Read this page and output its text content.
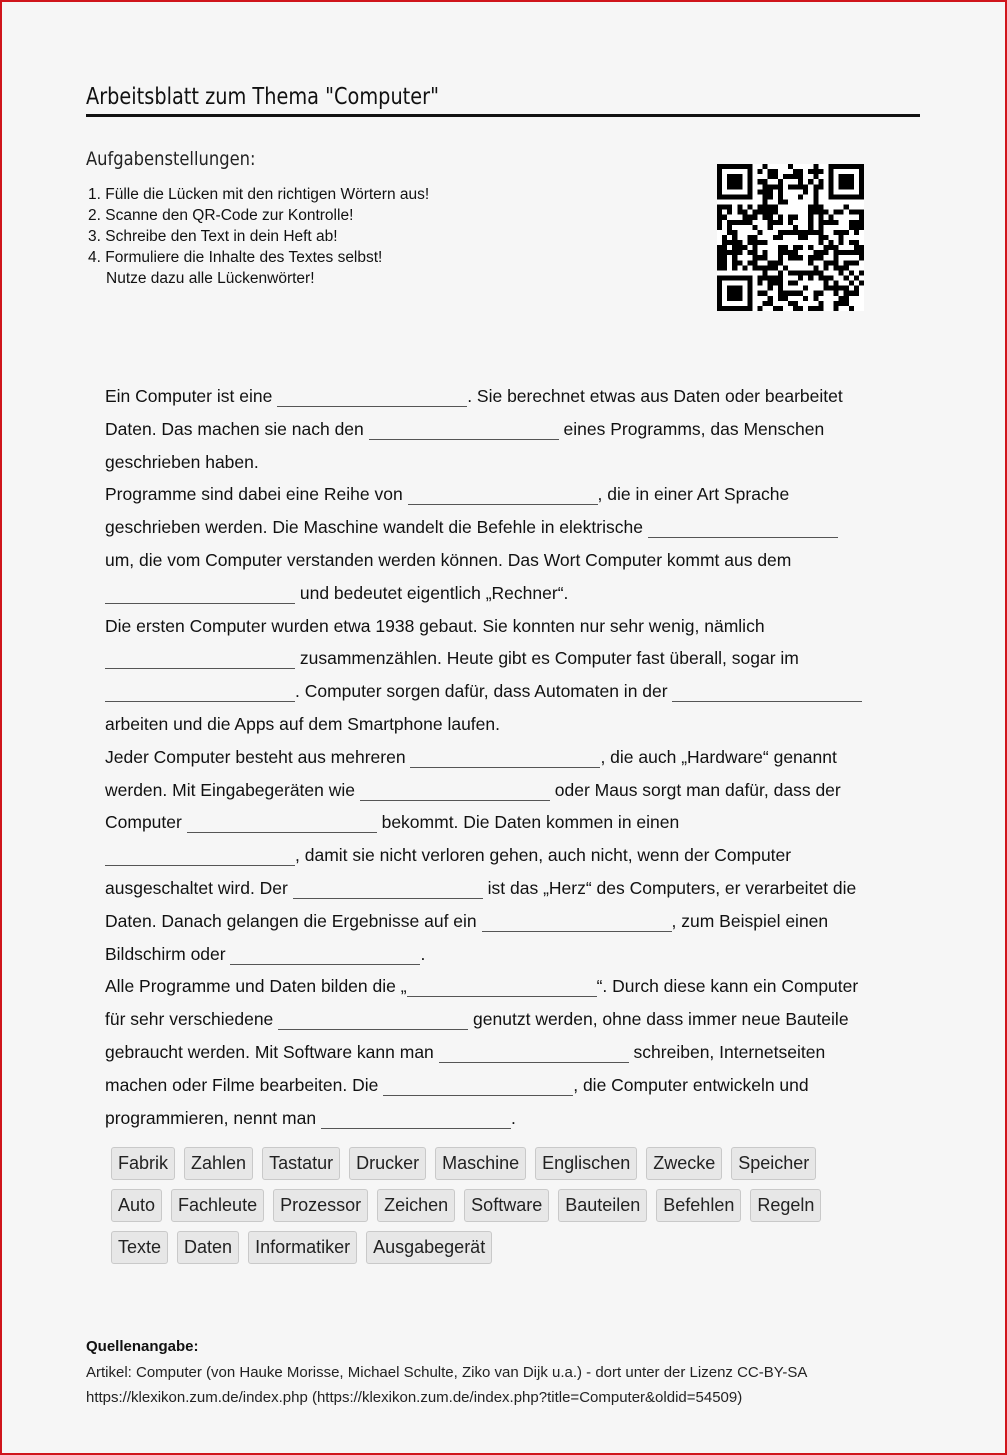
Arbeitsblatt zum Thema "Computer"
Aufgabenstellungen:
1. Fülle die Lücken mit den richtigen Wörtern aus!
2. Scanne den QR-Code zur Kontrolle!
3. Schreibe den Text in dein Heft ab!
4. Formuliere die Inhalte des Textes selbst!
Nutze dazu alle Lückenwörter!
Ein Computer ist eine	. Sie berechnet etwas aus Daten oder bearbeitet
Daten. Das machen sie nach den	eines Programms, das Menschen
geschrieben haben.
Programme sind dabei eine Reihe von	, die in einer Art Sprache
geschrieben werden. Die Maschine wandelt die Befehle in elektrische
um, die vom Computer verstanden werden können. Das Wort Computer kommt aus dem
und bedeutet eigentlich „Rechner“.
Die ersten Computer wurden etwa 1938 gebaut. Sie konnten nur sehr wenig, nämlich
zusammenzählen. Heute gibt es Computer fast überall, sogar im
. Computer sorgen dafür, dass Automaten in der
arbeiten und die Apps auf dem Smartphone laufen.
Jeder Computer besteht aus mehreren	, die auch „Hardware“ genannt
werden. Mit Eingabegeräten wie	oder Maus sorgt man dafür, dass der
Computer	bekommt. Die Daten kommen in einen
, damit sie nicht verloren gehen, auch nicht, wenn der Computer
ausgeschaltet wird. Der	ist das „Herz“ des Computers, er verarbeitet die
Daten. Danach gelangen die Ergebnisse auf ein	, zum Beispiel einen
Bildschirm oder	.
Alle Programme und Daten bilden die „	“. Durch diese kann ein Computer
für sehr verschiedene	genutzt werden, ohne dass immer neue Bauteile
gebraucht werden. Mit Software kann man	schreiben, Internetseiten
machen oder Filme bearbeiten. Die	, die Computer entwickeln und
programmieren, nennt man	.
Fabrik	Zahlen	Tastatur	Drucker	Maschine	Englischen	Zwecke	Speicher
Auto	Fachleute	Prozessor	Zeichen	Software	Bauteilen	Befehlen	Regeln
Texte	Daten	Informatiker	Ausgabegerät
Quellenangabe:
Artikel: Computer (von Hauke Morisse, Michael Schulte, Ziko van Dijk u.a.) - dort unter der Lizenz CC-BY-SA
https://klexikon.zum.de/index.php (https://klexikon.zum.de/index.php?title=Computer&oldid=54509)
